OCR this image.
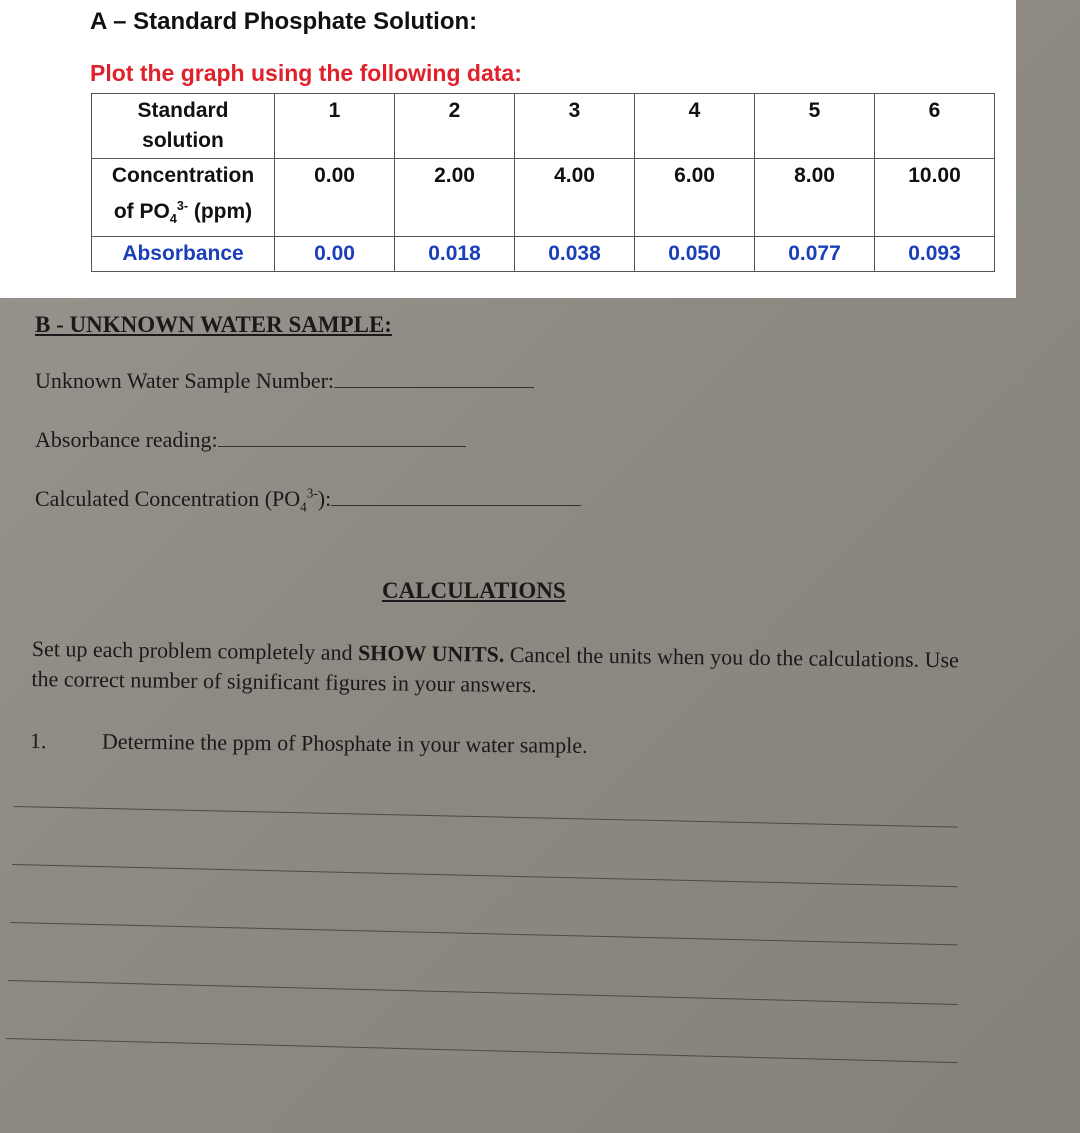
A – Standard Phosphate Solution:
Plot the graph using the following data:
Standard
solution	1	2	3	4	5	6
Concentration
of $PO_4^{3-}$ (ppm)	0.00	2.00	4.00	6.00	8.00	10.00
Absorbance	0.00	0.018	0.038	0.050	0.077	0.093
B - UNKNOWN WATER SAMPLE:
Unknown Water Sample Number:
Absorbance reading:
Calculated Concentration $(PO_4^{3-})$:
CALCULATIONS
Set up each problem completely and SHOW UNITS. Cancel the units when you do the calculations. Use the correct number of significant figures in your answers.
1.	Determine the ppm of Phosphate in your water sample.
